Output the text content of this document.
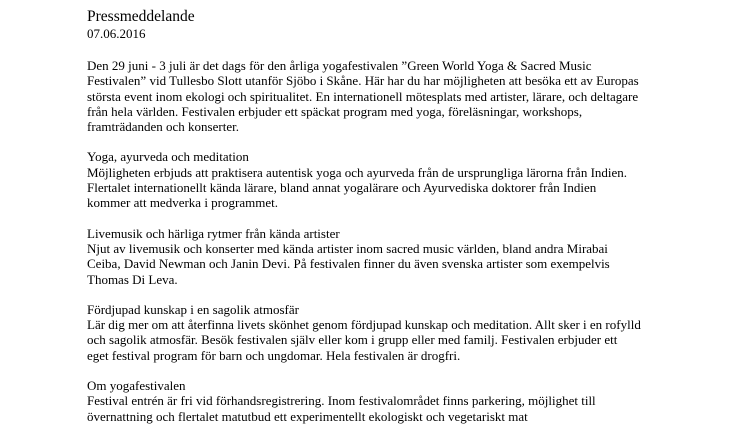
Pressmeddelande
07.06.2016
Den 29 juni - 3 juli är det dags för den årliga yogafestivalen ”Green World Yoga & Sacred Music
Festivalen” vid Tullesbo Slott utanför Sjöbo i Skåne. Här har du har möjligheten att besöka ett av Europas
största event inom ekologi och spiritualitet. En internationell mötesplats med artister, lärare, och deltagare
från hela världen. Festivalen erbjuder ett späckat program med yoga, föreläsningar, workshops,
framträdanden och konserter.
Yoga, ayurveda och meditation
Möjligheten erbjuds att praktisera autentisk yoga och ayurveda från de ursprungliga lärorna från Indien.
Flertalet internationellt kända lärare, bland annat yogalärare och Ayurvediska doktorer från Indien
kommer att medverka i programmet.
Livemusik och härliga rytmer från kända artister
Njut av livemusik och konserter med kända artister inom sacred music världen, bland andra Mirabai
Ceiba, David Newman och Janin Devi. På festivalen finner du även svenska artister som exempelvis
Thomas Di Leva.
Fördjupad kunskap i en sagolik atmosfär
Lär dig mer om att återfinna livets skönhet genom fördjupad kunskap och meditation. Allt sker i en rofylld
och sagolik atmosfär. Besök festivalen själv eller kom i grupp eller med familj. Festivalen erbjuder ett
eget festival program för barn och ungdomar. Hela festivalen är drogfri.
Om yogafestivalen
Festival entrén är fri vid förhandsregistrering. Inom festivalområdet finns parkering, möjlighet till
övernattning och flertalet matutbud ett experimentellt ekologiskt och vegetariskt mat
